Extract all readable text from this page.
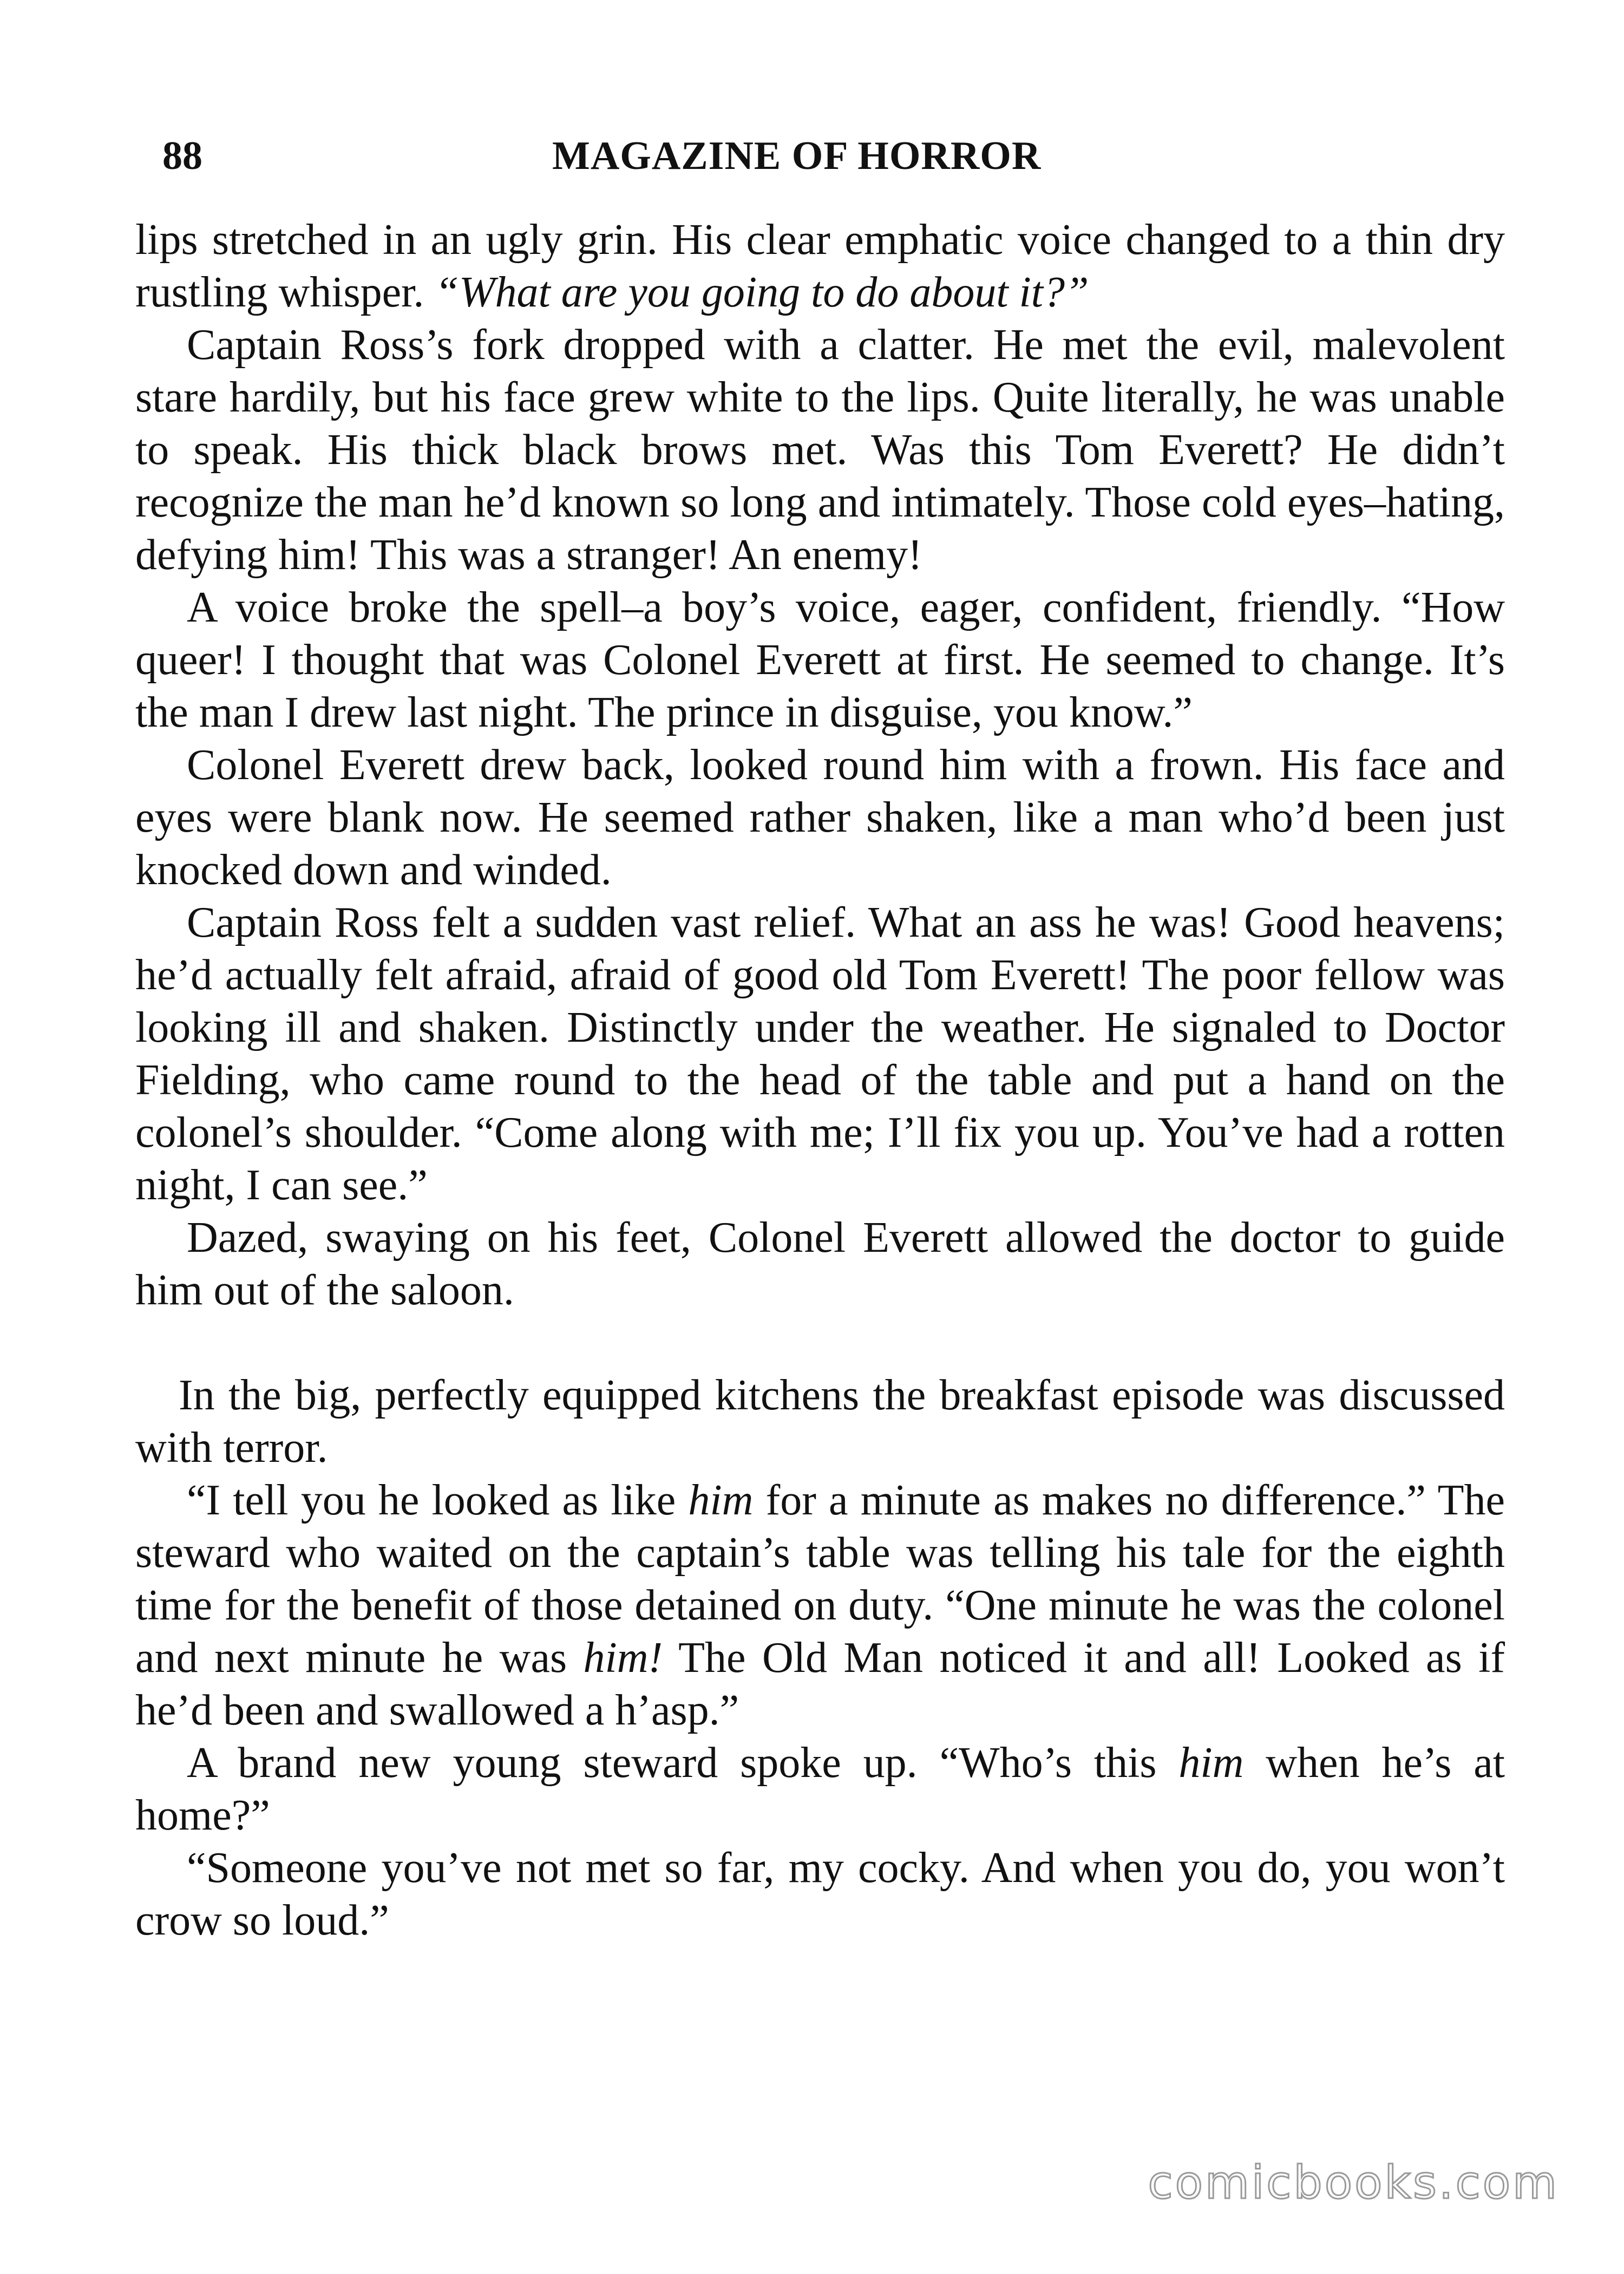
88	MAGAZINE OF HORROR

lips stretched in an ugly grin. His clear emphatic voice changed to a thin dry rustling whisper. “What are you going to do about it?”

Captain Ross’s fork dropped with a clatter. He met the evil, malevolent stare hardily, but his face grew white to the lips. Quite literally, he was unable to speak. His thick black brows met. Was this Tom Everett? He didn’t recognize the man he’d known so long and intimately. Those cold eyes–hating, defying him! This was a stranger! An enemy!

A voice broke the spell–a boy’s voice, eager, confident, friendly. “How queer! I thought that was Colonel Everett at first. He seemed to change. It’s the man I drew last night. The prince in disguise, you know.”

Colonel Everett drew back, looked round him with a frown. His face and eyes were blank now. He seemed rather shaken, like a man who’d been just knocked down and winded.

Captain Ross felt a sudden vast relief. What an ass he was! Good heavens; he’d actually felt afraid, afraid of good old Tom Everett! The poor fellow was looking ill and shaken. Distinctly under the weather. He signaled to Doctor Fielding, who came round to the head of the table and put a hand on the colonel’s shoulder. “Come along with me; I’ll fix you up. You’ve had a rotten night, I can see.”

Dazed, swaying on his feet, Colonel Everett allowed the doctor to guide him out of the saloon.

In the big, perfectly equipped kitchens the breakfast episode was discussed with terror.

“I tell you he looked as like him for a minute as makes no difference.” The steward who waited on the captain’s table was telling his tale for the eighth time for the benefit of those detained on duty. “One minute he was the colonel and next minute he was him! The Old Man noticed it and all! Looked as if he’d been and swallowed a h’asp.”

A brand new young steward spoke up. “Who’s this him when he’s at home?”

“Someone you’ve not met so far, my cocky. And when you do, you won’t crow so loud.”

comicbooks.com
